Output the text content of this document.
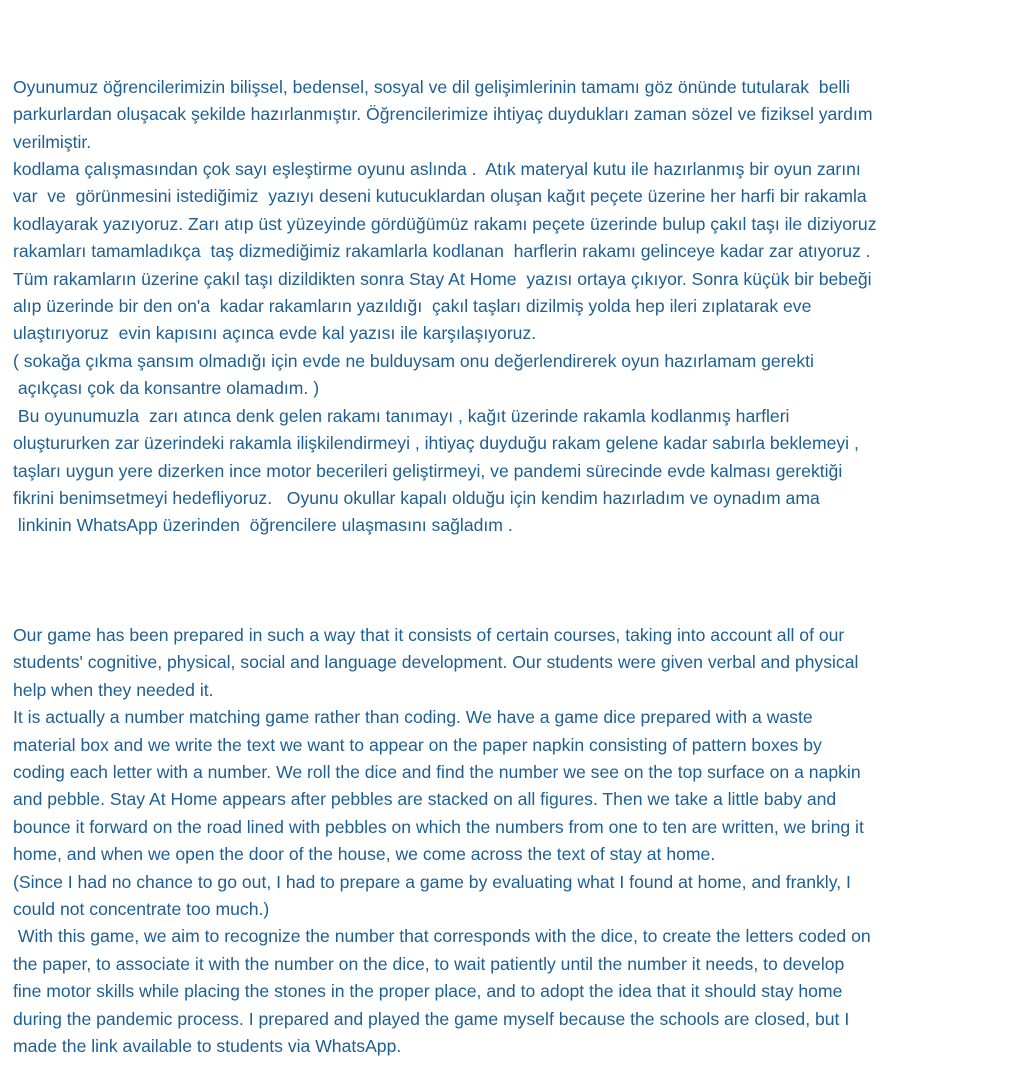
Oyunumuz öğrencilerimizin bilişsel, bedensel, sosyal ve dil gelişimlerinin tamamı göz önünde tutularak  belli
parkurlardan oluşacak şekilde hazırlanmıştır. Öğrencilerimize ihtiyaç duydukları zaman sözel ve fiziksel yardım
verilmiştir.
kodlama çalışmasından çok sayı eşleştirme oyunu aslında .  Atık materyal kutu ile hazırlanmış bir oyun zarını
var  ve  görünmesini istediğimiz  yazıyı deseni kutucuklardan oluşan kağıt peçete üzerine her harfi bir rakamla
kodlayarak yazıyoruz. Zarı atıp üst yüzeyinde gördüğümüz rakamı peçete üzerinde bulup çakıl taşı ile diziyoruz
rakamları tamamladıkça  taş dizmediğimiz rakamlarla kodlanan  harflerin rakamı gelinceye kadar zar atıyoruz .
Tüm rakamların üzerine çakıl taşı dizildikten sonra Stay At Home  yazısı ortaya çıkıyor. Sonra küçük bir bebeği
alıp üzerinde bir den on'a  kadar rakamların yazıldığı  çakıl taşları dizilmiş yolda hep ileri zıplatarak eve
ulaştırıyoruz  evin kapısını açınca evde kal yazısı ile karşılaşıyoruz.
( sokağa çıkma şansım olmadığı için evde ne bulduysam onu değerlendirerek oyun hazırlamam gerekti
açıkçası çok da konsantre olamadım. )
Bu oyunumuzla  zarı atınca denk gelen rakamı tanımayı , kağıt üzerinde rakamla kodlanmış harfleri
oluştururken zar üzerindeki rakamla ilişkilendirmeyi , ihtiyaç duyduğu rakam gelene kadar sabırla beklemeyi ,
taşları uygun yere dizerken ince motor becerileri geliştirmeyi, ve pandemi sürecinde evde kalması gerektiği
fikrini benimsetmeyi hedefliyoruz.   Oyunu okullar kapalı olduğu için kendim hazırladım ve oynadım ama
linkinin WhatsApp üzerinden  öğrencilere ulaşmasını sağladım .

Our game has been prepared in such a way that it consists of certain courses, taking into account all of our
students' cognitive, physical, social and language development. Our students were given verbal and physical
help when they needed it.
It is actually a number matching game rather than coding. We have a game dice prepared with a waste
material box and we write the text we want to appear on the paper napkin consisting of pattern boxes by
coding each letter with a number. We roll the dice and find the number we see on the top surface on a napkin
and pebble. Stay At Home appears after pebbles are stacked on all figures. Then we take a little baby and
bounce it forward on the road lined with pebbles on which the numbers from one to ten are written, we bring it
home, and when we open the door of the house, we come across the text of stay at home.
(Since I had no chance to go out, I had to prepare a game by evaluating what I found at home, and frankly, I
could not concentrate too much.)
With this game, we aim to recognize the number that corresponds with the dice, to create the letters coded on
the paper, to associate it with the number on the dice, to wait patiently until the number it needs, to develop
fine motor skills while placing the stones in the proper place, and to adopt the idea that it should stay home
during the pandemic process. I prepared and played the game myself because the schools are closed, but I
made the link available to students via WhatsApp.
